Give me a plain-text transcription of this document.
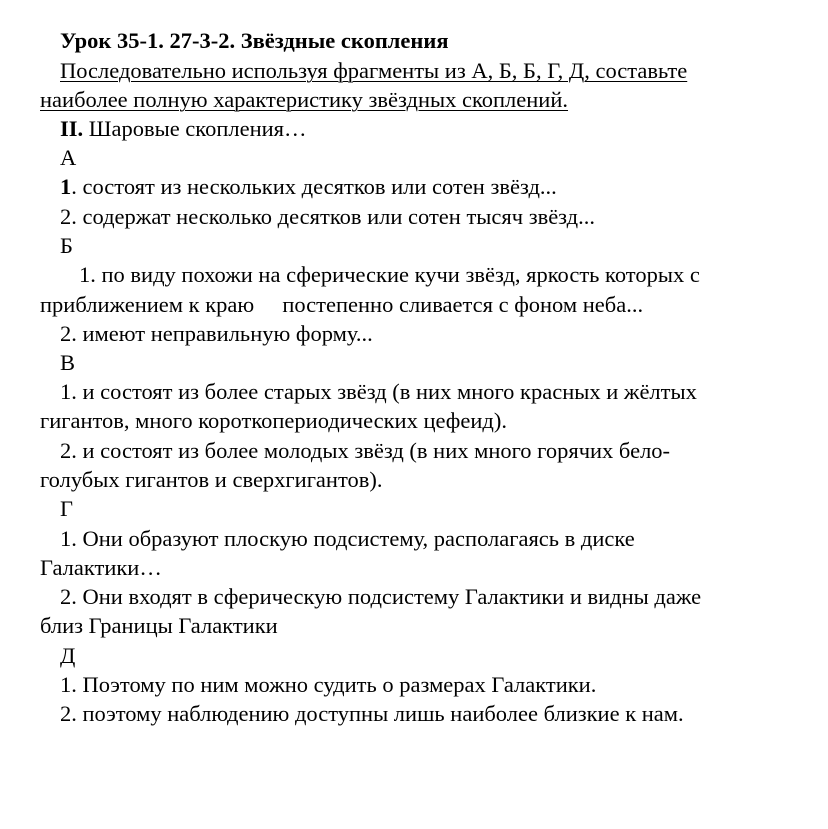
Урок 35-1. 27-3-2. Звёздные скопления
Последовательно используя фрагменты из А, Б, Б, Г, Д, составьте
наиболее полную характеристику звёздных скоплений.
II. Шаровые скопления…
А
1. состоят из нескольких десятков или сотен звёзд...
2. содержат несколько десятков или сотен тысяч звёзд...
Б
1. по виду похожи на сферические кучи звёзд, яркость которых с
приближением к краю     постепенно сливается с фоном неба...
2. имеют неправильную форму...
В
1. и состоят из более старых звёзд (в них много красных и жёлтых
гигантов, много короткопериодических цефеид).
2. и состоят из более молодых звёзд (в них много горячих бело-
голубых гигантов и сверхгигантов).
Г
1. Они образуют плоскую подсистему, располагаясь в диске
Галактики…
2. Они входят в сферическую подсистему Галактики и видны даже
близ Границы Галактики
Д
1. Поэтому по ним можно судить о размерах Галактики.
2. поэтому наблюдению доступны лишь наиболее близкие к нам.
